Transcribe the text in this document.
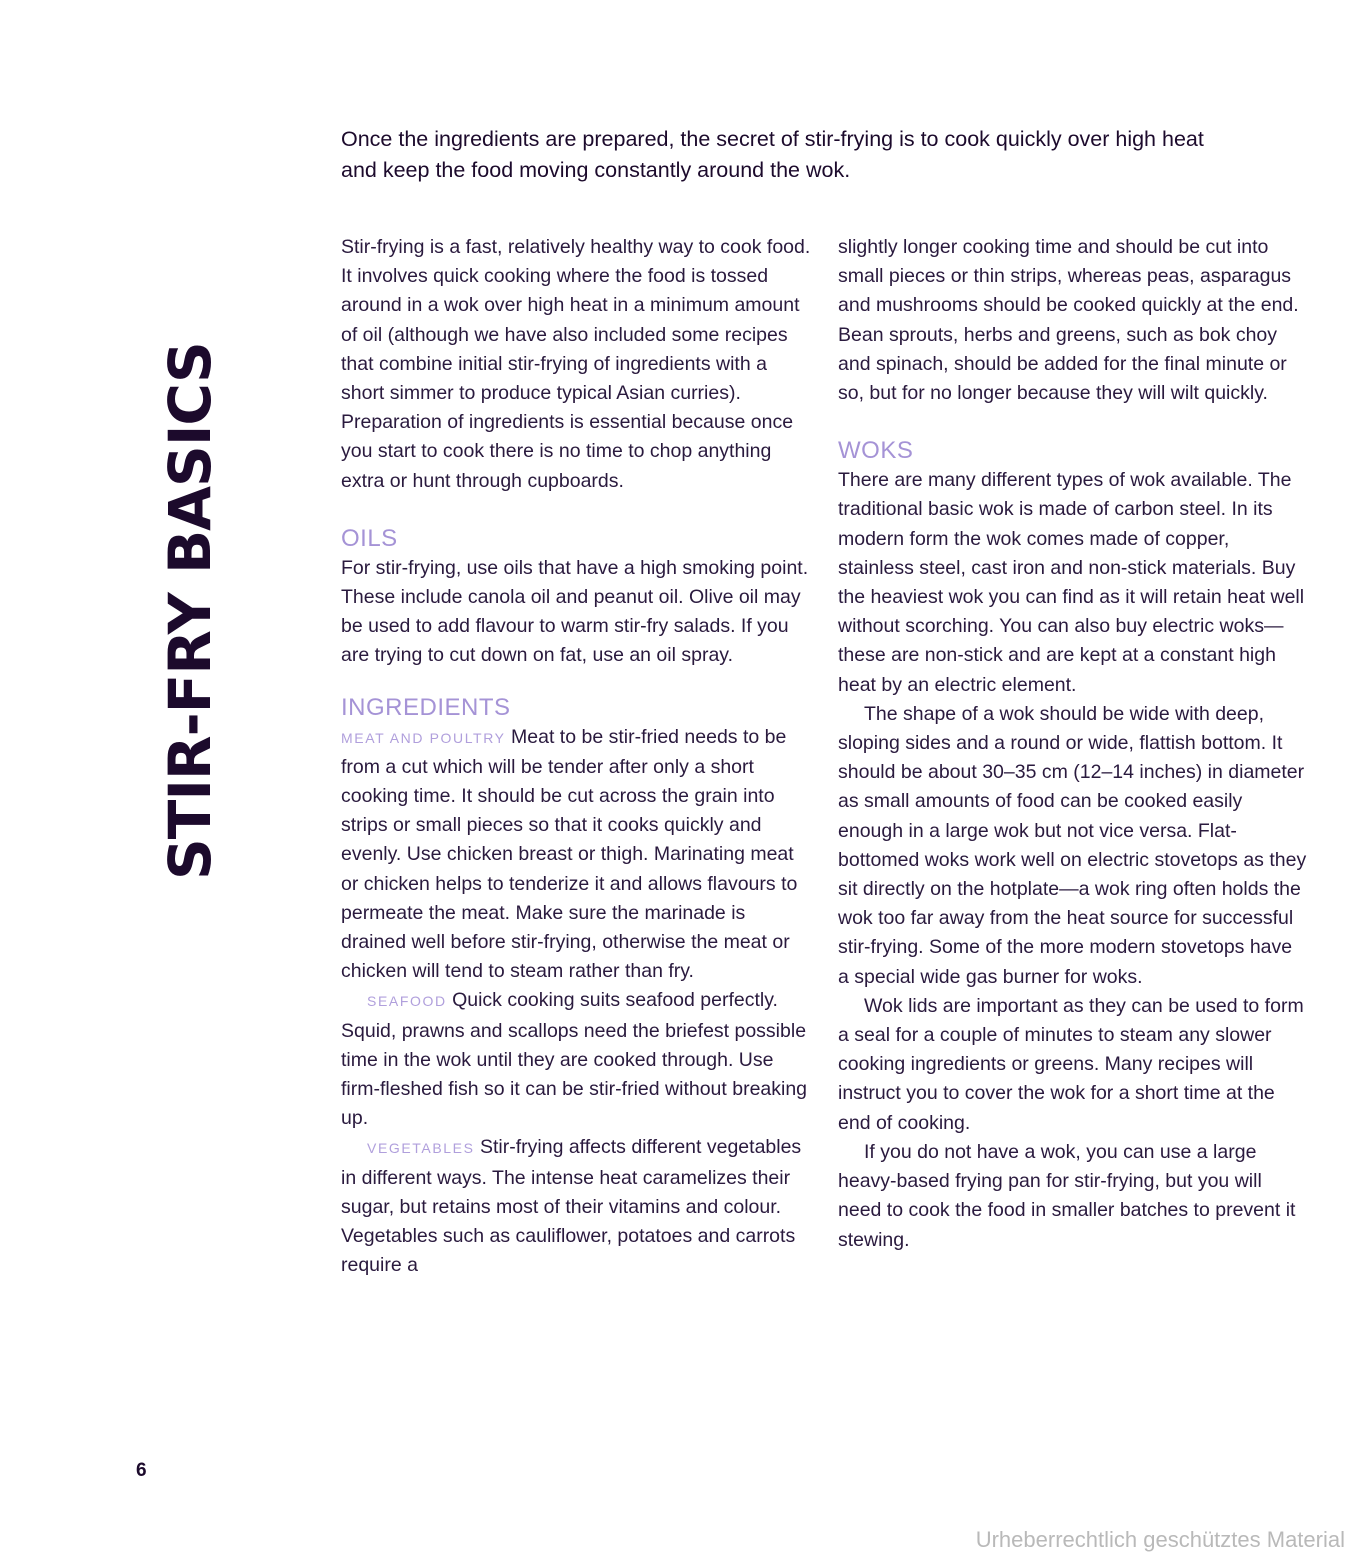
STIR-FRY BASICS
Once the ingredients are prepared, the secret of stir-frying is to cook quickly over high heat and keep the food moving constantly around the wok.

Stir-frying is a fast, relatively healthy way to cook food. It involves quick cooking where the food is tossed around in a wok over high heat in a minimum amount of oil (although we have also included some recipes that combine initial stir-frying of ingredients with a short simmer to produce typical Asian curries). Preparation of ingredients is essential because once you start to cook there is no time to chop anything extra or hunt through cupboards.

OILS

For stir-frying, use oils that have a high smoking point. These include canola oil and peanut oil. Olive oil may be used to add flavour to warm stir-fry salads. If you are trying to cut down on fat, use an oil spray.

INGREDIENTS

MEAT AND POULTRY Meat to be stir-fried needs to be from a cut which will be tender after only a short cooking time. It should be cut across the grain into strips or small pieces so that it cooks quickly and evenly. Use chicken breast or thigh. Marinating meat or chicken helps to tenderize it and allows flavours to permeate the meat. Make sure the marinade is drained well before stir-frying, otherwise the meat or chicken will tend to steam rather than fry.

SEAFOOD Quick cooking suits seafood perfectly. Squid, prawns and scallops need the briefest possible time in the wok until they are cooked through. Use firm-fleshed fish so it can be stir-fried without breaking up.

VEGETABLES Stir-frying affects different vegetables in different ways. The intense heat caramelizes their sugar, but retains most of their vitamins and colour. Vegetables such as cauliflower, potatoes and carrots require a

slightly longer cooking time and should be cut into small pieces or thin strips, whereas peas, asparagus and mushrooms should be cooked quickly at the end. Bean sprouts, herbs and greens, such as bok choy and spinach, should be added for the final minute or so, but for no longer because they will wilt quickly.

WOKS

There are many different types of wok available. The traditional basic wok is made of carbon steel. In its modern form the wok comes made of copper, stainless steel, cast iron and non-stick materials. Buy the heaviest wok you can find as it will retain heat well without scorching. You can also buy electric woks—these are non-stick and are kept at a constant high heat by an electric element.

The shape of a wok should be wide with deep, sloping sides and a round or wide, flattish bottom. It should be about 30–35 cm (12–14 inches) in diameter as small amounts of food can be cooked easily enough in a large wok but not vice versa. Flat-bottomed woks work well on electric stovetops as they sit directly on the hotplate—a wok ring often holds the wok too far away from the heat source for successful stir-frying. Some of the more modern stovetops have a special wide gas burner for woks.

Wok lids are important as they can be used to form a seal for a couple of minutes to steam any slower cooking ingredients or greens. Many recipes will instruct you to cover the wok for a short time at the end of cooking.

If you do not have a wok, you can use a large heavy-based frying pan for stir-frying, but you will need to cook the food in smaller batches to prevent it stewing.

6
Urheberrechtlich geschütztes Material
